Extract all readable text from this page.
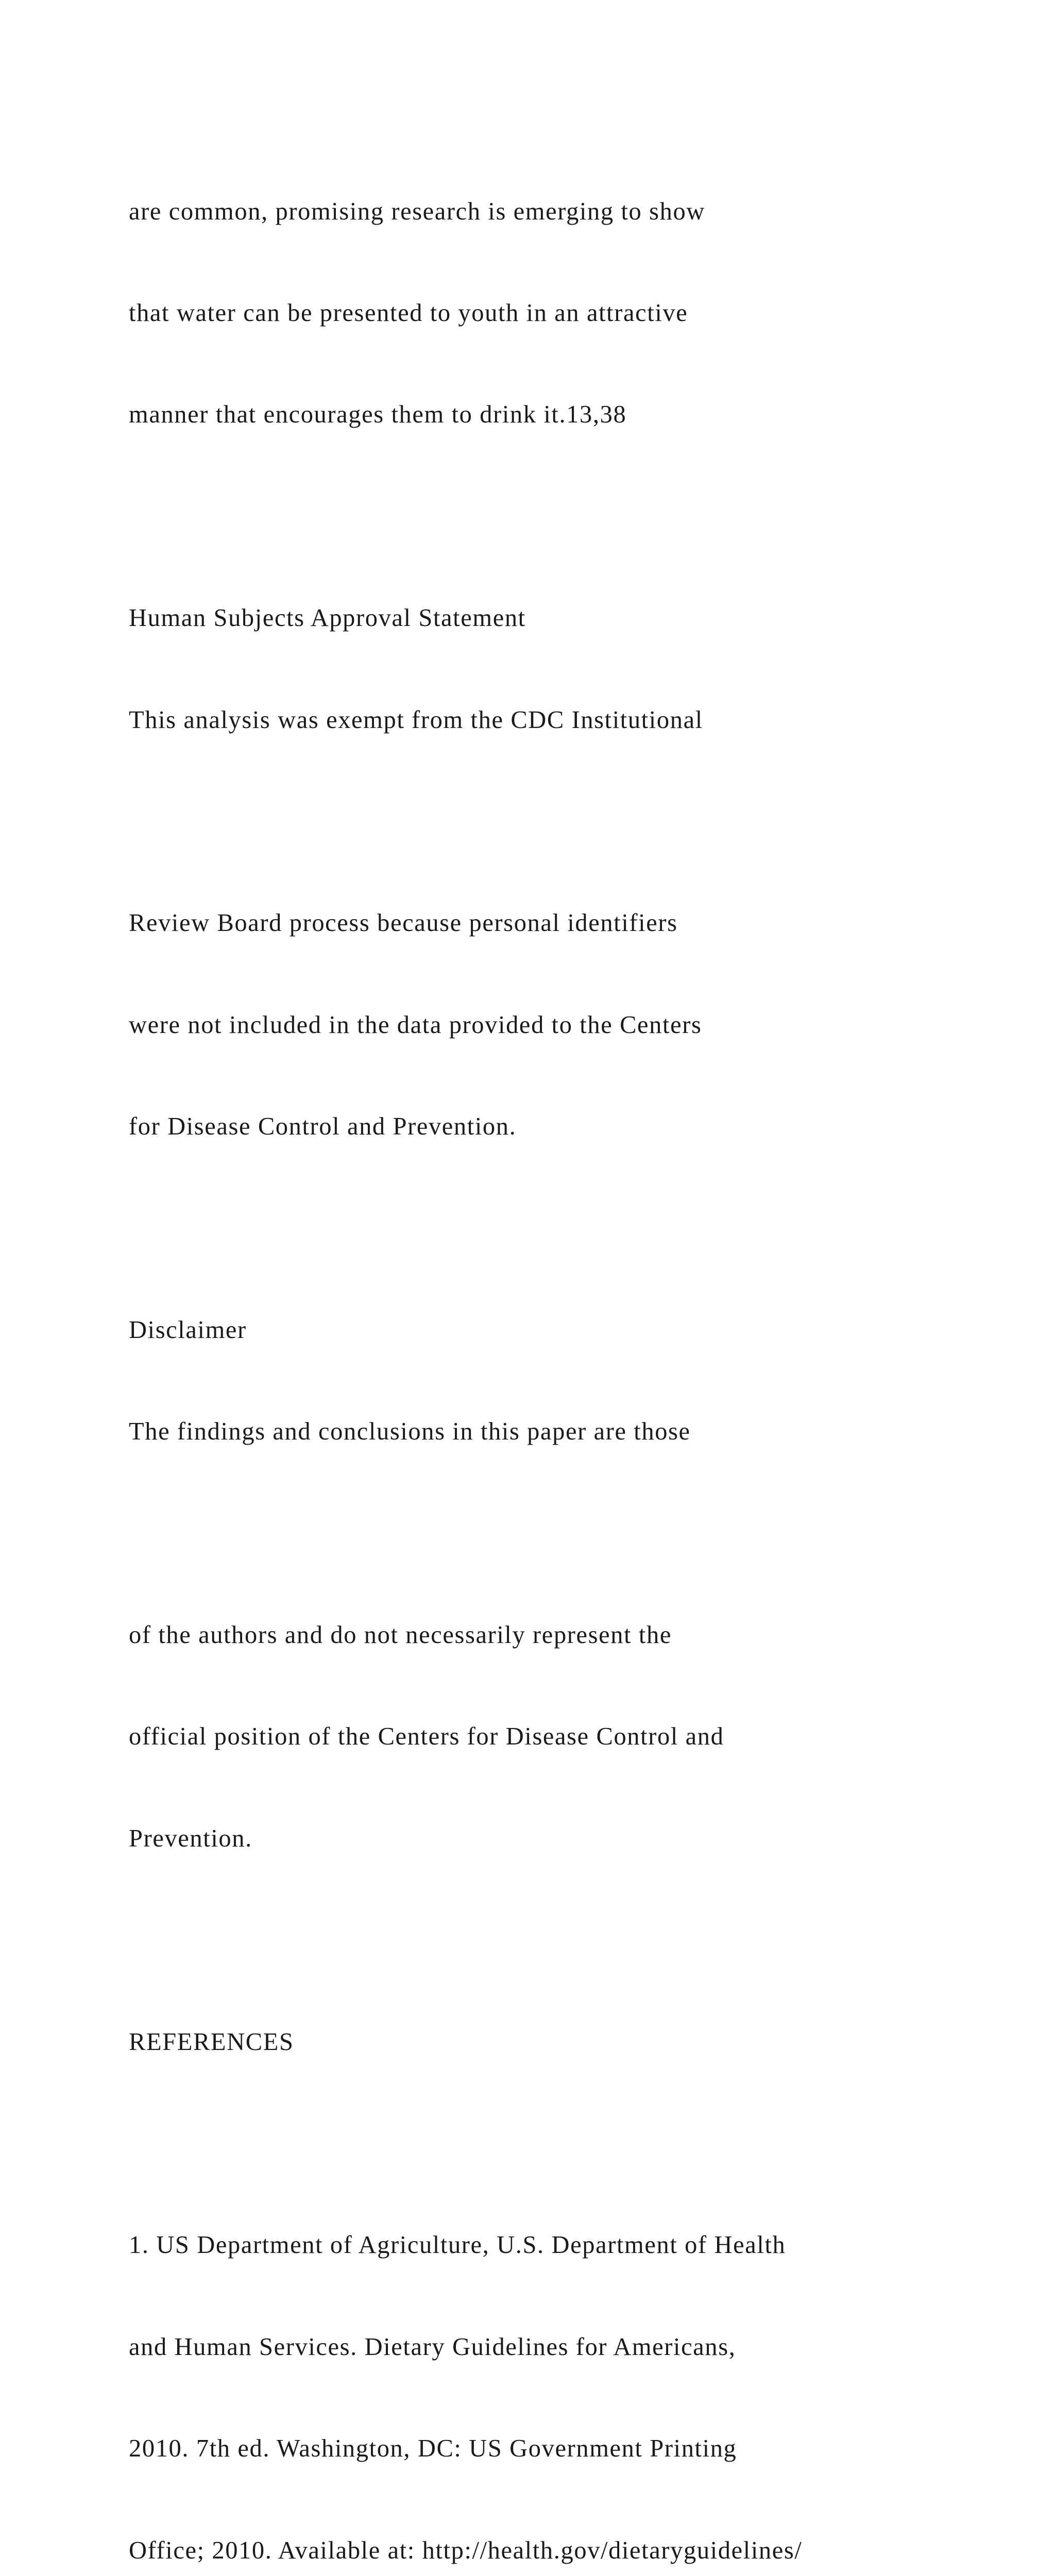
are common, promising research is emerging to show

that water can be presented to youth in an attractive

manner that encourages them to drink it.13,38

Human Subjects Approval Statement

This analysis was exempt from the CDC Institutional

Review Board process because personal identifiers

were not included in the data provided to the Centers

for Disease Control and Prevention.

Disclaimer

The findings and conclusions in this paper are those

of the authors and do not necessarily represent the

official position of the Centers for Disease Control and

Prevention.

REFERENCES

1. US Department of Agriculture, U.S. Department of Health

and Human Services. Dietary Guidelines for Americans,

2010. 7th ed. Washington, DC: US Government Printing

Office; 2010. Available at: http://health.gov/dietaryguidelines/
